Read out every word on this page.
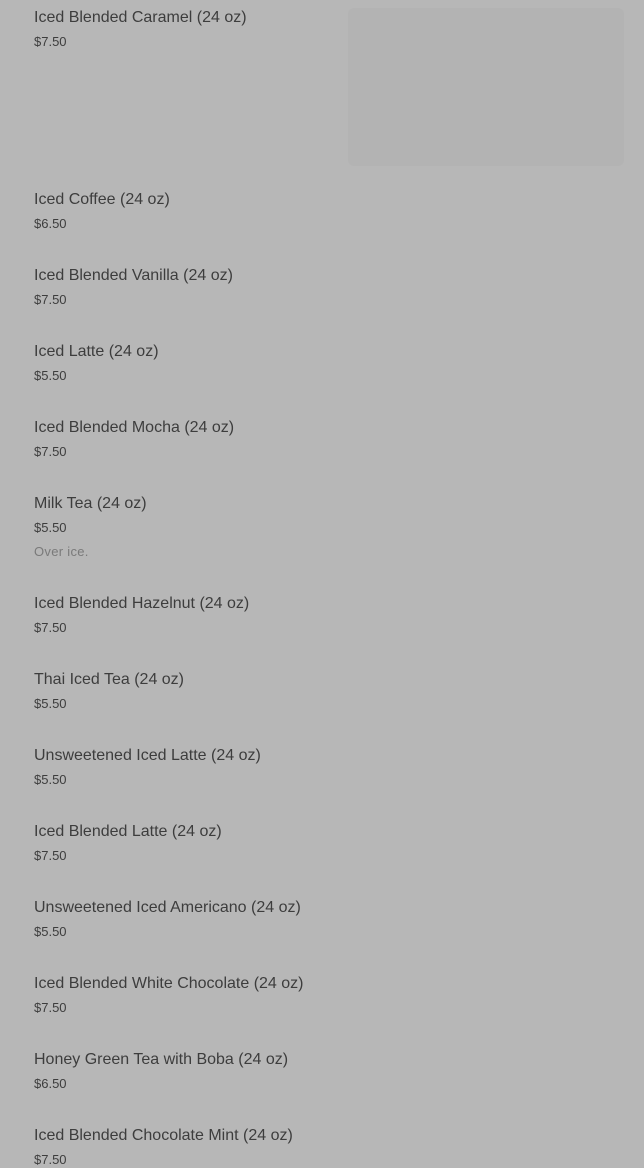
Iced Blended Caramel (24 oz)
$7.50
Iced Coffee (24 oz)
$6.50
Iced Blended Vanilla (24 oz)
$7.50
Iced Latte (24 oz)
$5.50
Iced Blended Mocha (24 oz)
$7.50
Milk Tea (24 oz)
$5.50
Over ice.
Iced Blended Hazelnut (24 oz)
$7.50
Thai Iced Tea (24 oz)
$5.50
Unsweetened Iced Latte (24 oz)
$5.50
Iced Blended Latte (24 oz)
$7.50
Unsweetened Iced Americano (24 oz)
$5.50
Iced Blended White Chocolate (24 oz)
$7.50
Honey Green Tea with Boba (24 oz)
$6.50
Iced Blended Chocolate Mint (24 oz)
$7.50
